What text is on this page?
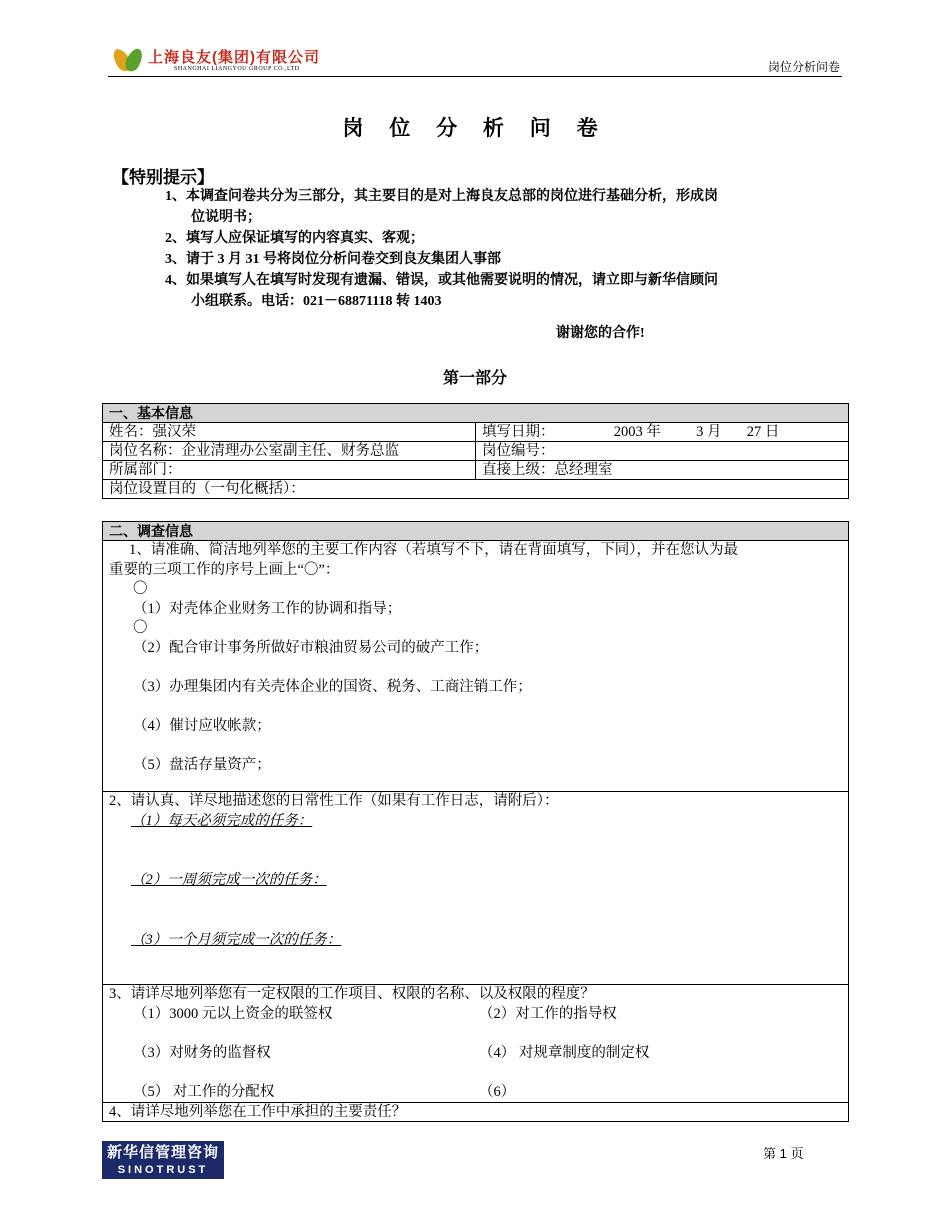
上海良友(集团)有限公司
SHANGHAI LIANGYOU GROUP CO.,LTD	岗位分析问卷
岗 位 分 析 问 卷
【特别提示】
1、本调查问卷共分为三部分，其主要目的是对上海良友总部的岗位进行基础分析，形成岗
位说明书；
2、填写人应保证填写的内容真实、客观；
3、请于 3 月 31 号将岗位分析问卷交到良友集团人事部
4、如果填写人在填写时发现有遗漏、错误，或其他需要说明的情况，请立即与新华信顾问
小组联系。电话：021－68871118 转 1403
谢谢您的合作!
第一部分
一、基本信息	
姓名：强汉荣	填写日期： 2003 年 3 月 27 日
岗位名称：企业清理办公室副主任、财务总监	岗位编号：
所属部门：	直接上级：总经理室
岗位设置目的（一句化概括）：	
二、调查信息

1、请准确、简洁地列举您的主要工作内容（若填写不下，请在背面填写，下同），并在您认为最
重要的三项工作的序号上画上“〇”：
〇
（1）对壳体企业财务工作的协调和指导；
〇
（2）配合审计事务所做好市粮油贸易公司的破产工作；
（3）办理集团内有关壳体企业的国资、税务、工商注销工作；
（4）催讨应收帐款；
（5）盘活存量资产；

2、请认真、详尽地描述您的日常性工作（如果有工作日志，请附后）：
（1）每天必须完成的任务：
（2）一周须完成一次的任务：
（3）一个月须完成一次的任务：

3、请详尽地列举您有一定权限的工作项目、权限的名称、以及权限的程度？
（1）3000 元以上资金的联签权	（2）对工作的指导权
（3）对财务的监督权	（4） 对规章制度的制定权
（5） 对工作的分配权	（6）

4、请详尽地列举您在工作中承担的主要责任？
新华信管理咨询
SINOTRUST
第 1 页
